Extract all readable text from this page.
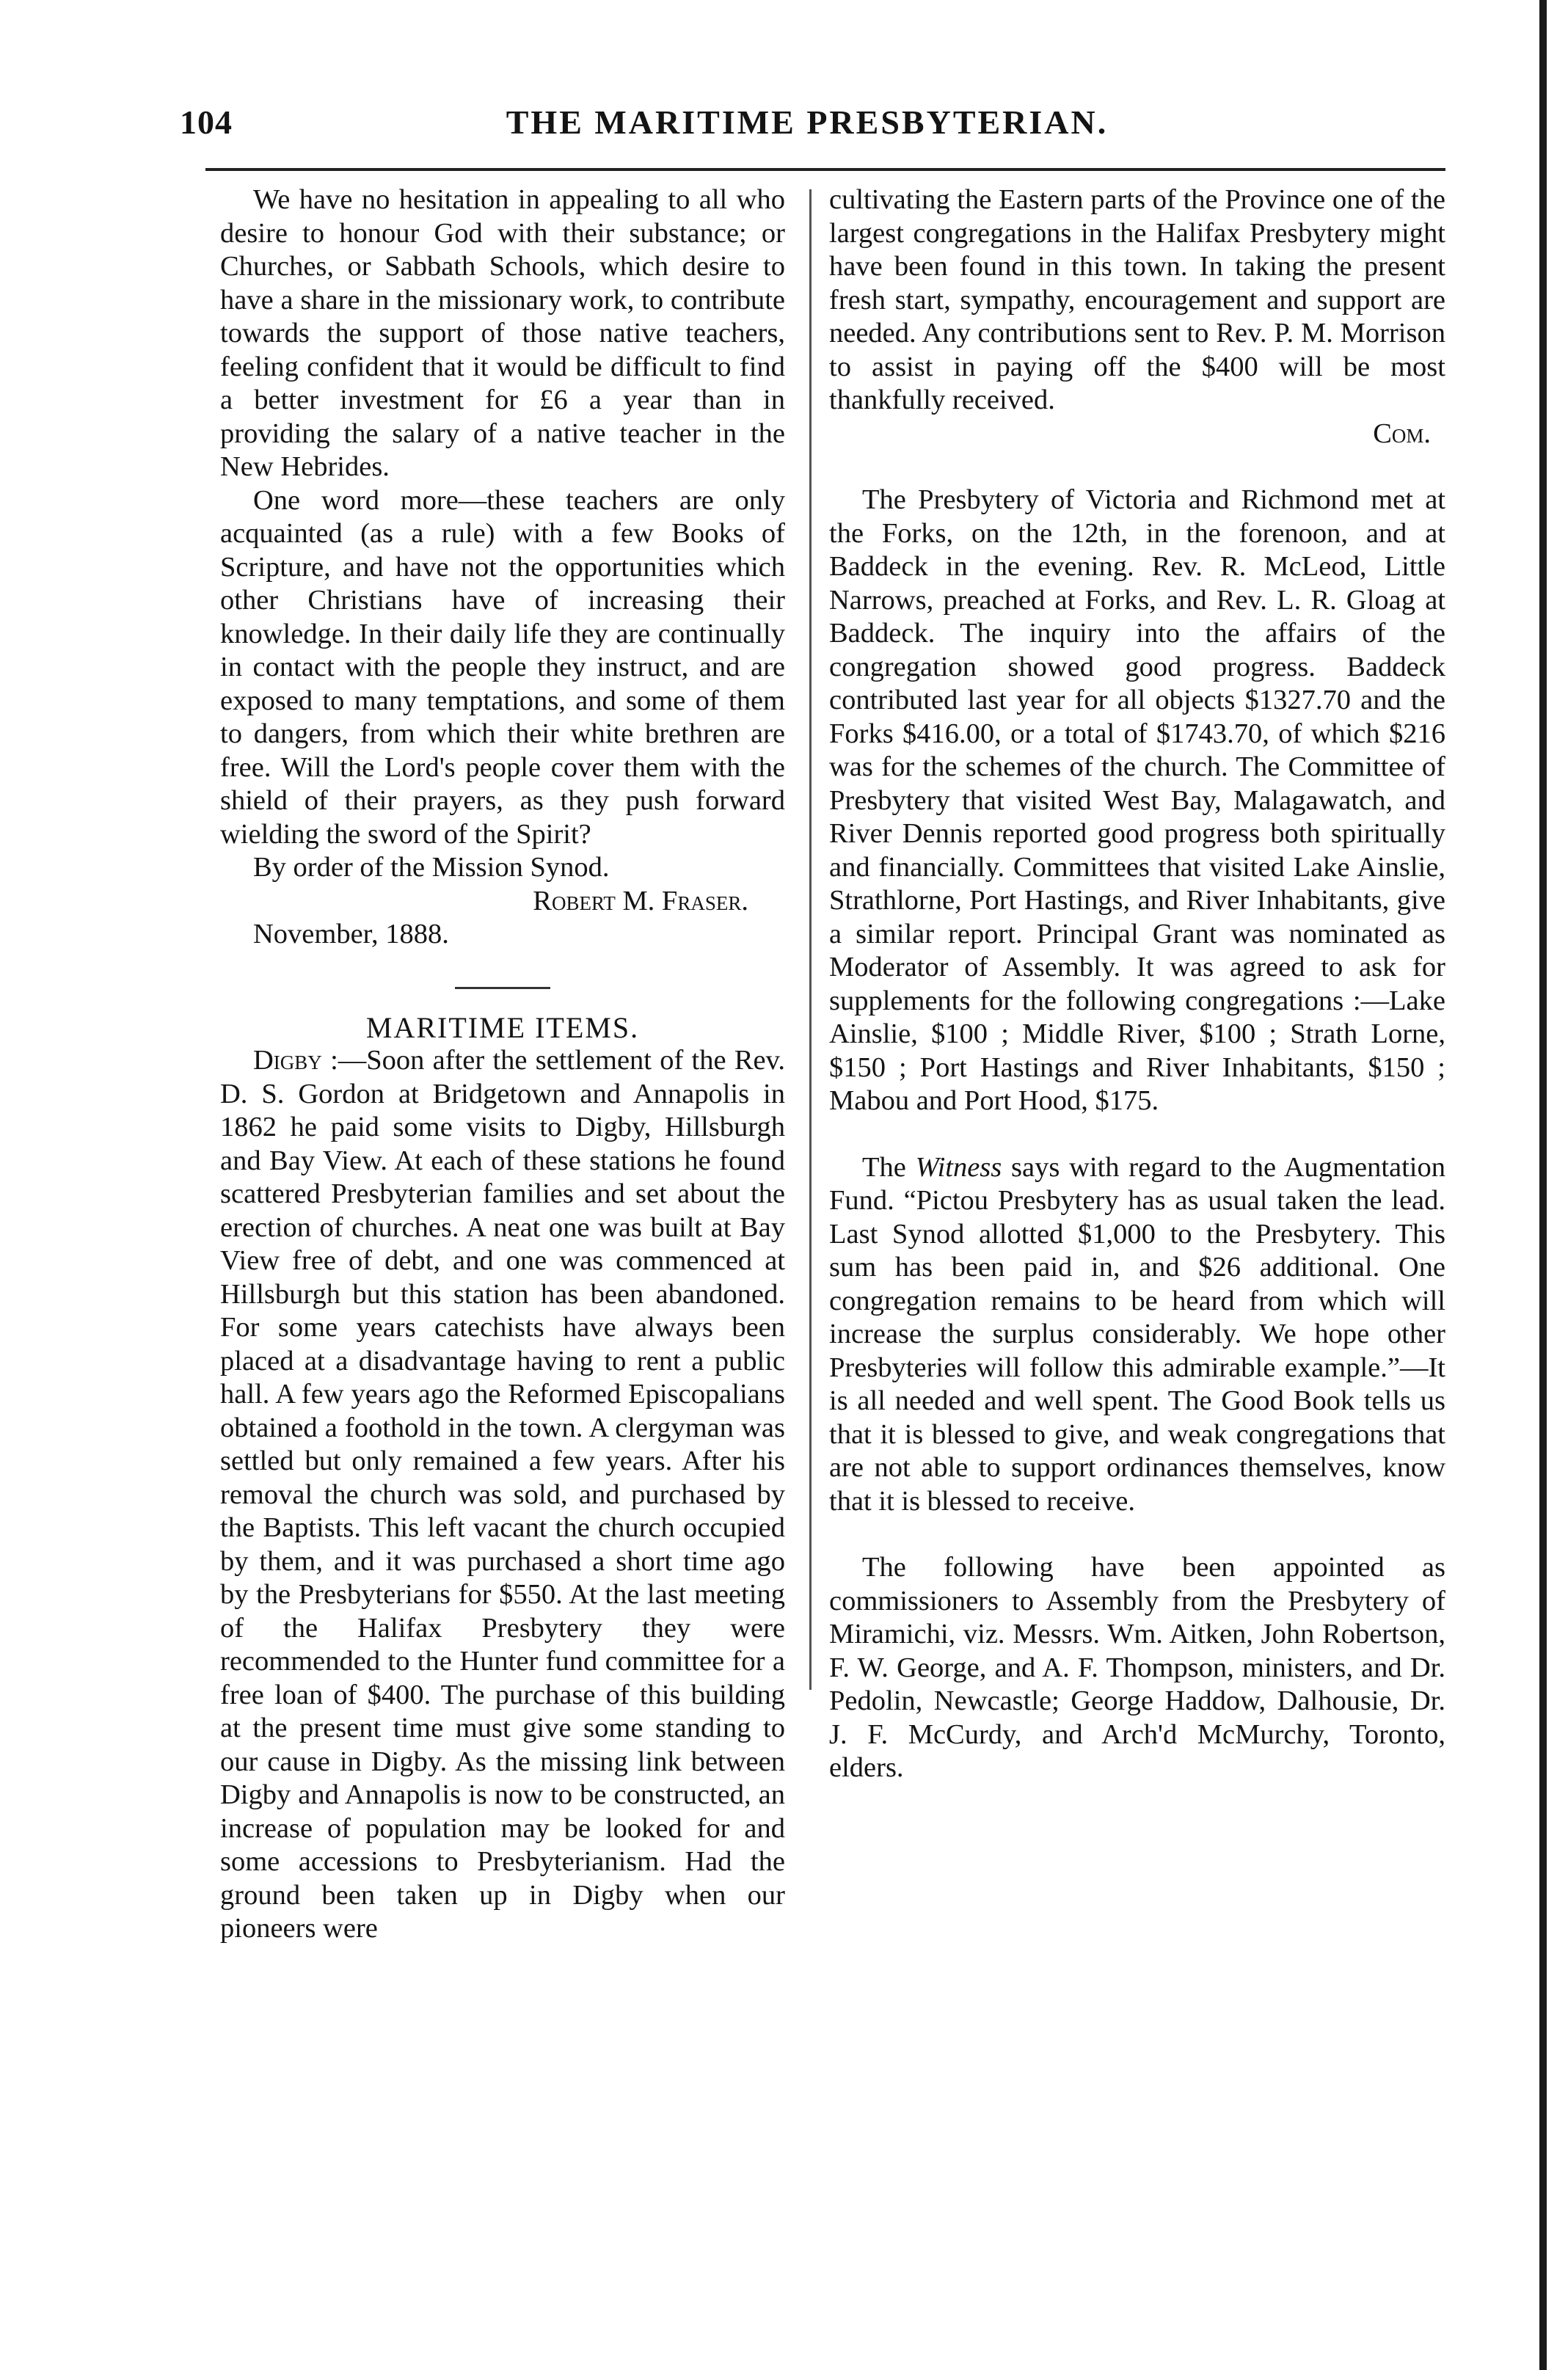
104	THE MARITIME PRESBYTERIAN.

We have no hesitation in appealing to all who desire to honour God with their substance; or Churches, or Sabbath Schools, which desire to have a share in the missionary work, to contribute towards the support of those native teachers, feeling confident that it would be difficult to find a better investment for £6 a year than in providing the salary of a native teacher in the New Hebrides.

One word more—these teachers are only acquainted (as a rule) with a few Books of Scripture, and have not the opportunities which other Christians have of increasing their knowledge. In their daily life they are continually in contact with the people they instruct, and are exposed to many temptations, and some of them to dangers, from which their white brethren are free. Will the Lord's people cover them with the shield of their prayers, as they push forward wielding the sword of the Spirit?

By order of the Mission Synod.

Robert M. Fraser.

November, 1888.

MARITIME ITEMS.

Digby :—Soon after the settlement of the Rev. D. S. Gordon at Bridgetown and Annapolis in 1862 he paid some visits to Digby, Hillsburgh and Bay View. At each of these stations he found scattered Presbyterian families and set about the erection of churches. A neat one was built at Bay View free of debt, and one was commenced at Hillsburgh but this station has been abandoned. For some years catechists have always been placed at a disadvantage having to rent a public hall. A few years ago the Reformed Episcopalians obtained a foothold in the town. A clergyman was settled but only remained a few years. After his removal the church was sold, and purchased by the Baptists. This left vacant the church occupied by them, and it was purchased a short time ago by the Presbyterians for $550. At the last meeting of the Halifax Presbytery they were recommended to the Hunter fund committee for a free loan of $400. The purchase of this building at the present time must give some standing to our cause in Digby. As the missing link between Digby and Annapolis is now to be constructed, an increase of population may be looked for and some accessions to Presbyterianism. Had the ground been taken up in Digby when our pioneers were

cultivating the Eastern parts of the Province one of the largest congregations in the Halifax Presbytery might have been found in this town. In taking the present fresh start, sympathy, encouragement and support are needed. Any contributions sent to Rev. P. M. Morrison to assist in paying off the $400 will be most thankfully received.

Com.

The Presbytery of Victoria and Richmond met at the Forks, on the 12th, in the forenoon, and at Baddeck in the evening. Rev. R. McLeod, Little Narrows, preached at Forks, and Rev. L. R. Gloag at Baddeck. The inquiry into the affairs of the congregation showed good progress. Baddeck contributed last year for all objects $1327.70 and the Forks $416.00, or a total of $1743.70, of which $216 was for the schemes of the church. The Committee of Presbytery that visited West Bay, Malagawatch, and River Dennis reported good progress both spiritually and financially. Committees that visited Lake Ainslie, Strathlorne, Port Hastings, and River Inhabitants, give a similar report. Principal Grant was nominated as Moderator of Assembly. It was agreed to ask for supplements for the following congregations :—Lake Ainslie, $100 ; Middle River, $100 ; Strath Lorne, $150 ; Port Hastings and River Inhabitants, $150 ; Mabou and Port Hood, $175.

The Witness says with regard to the Augmentation Fund. “Pictou Presbytery has as usual taken the lead. Last Synod allotted $1,000 to the Presbytery. This sum has been paid in, and $26 additional. One congregation remains to be heard from which will increase the surplus considerably. We hope other Presbyteries will follow this admirable example.”—It is all needed and well spent. The Good Book tells us that it is blessed to give, and weak congregations that are not able to support ordinances themselves, know that it is blessed to receive.

The following have been appointed as commissioners to Assembly from the Presbytery of Miramichi, viz. Messrs. Wm. Aitken, John Robertson, F. W. George, and A. F. Thompson, ministers, and Dr. Pedolin, Newcastle; George Haddow, Dalhousie, Dr. J. F. McCurdy, and Arch'd McMurchy, Toronto, elders.
